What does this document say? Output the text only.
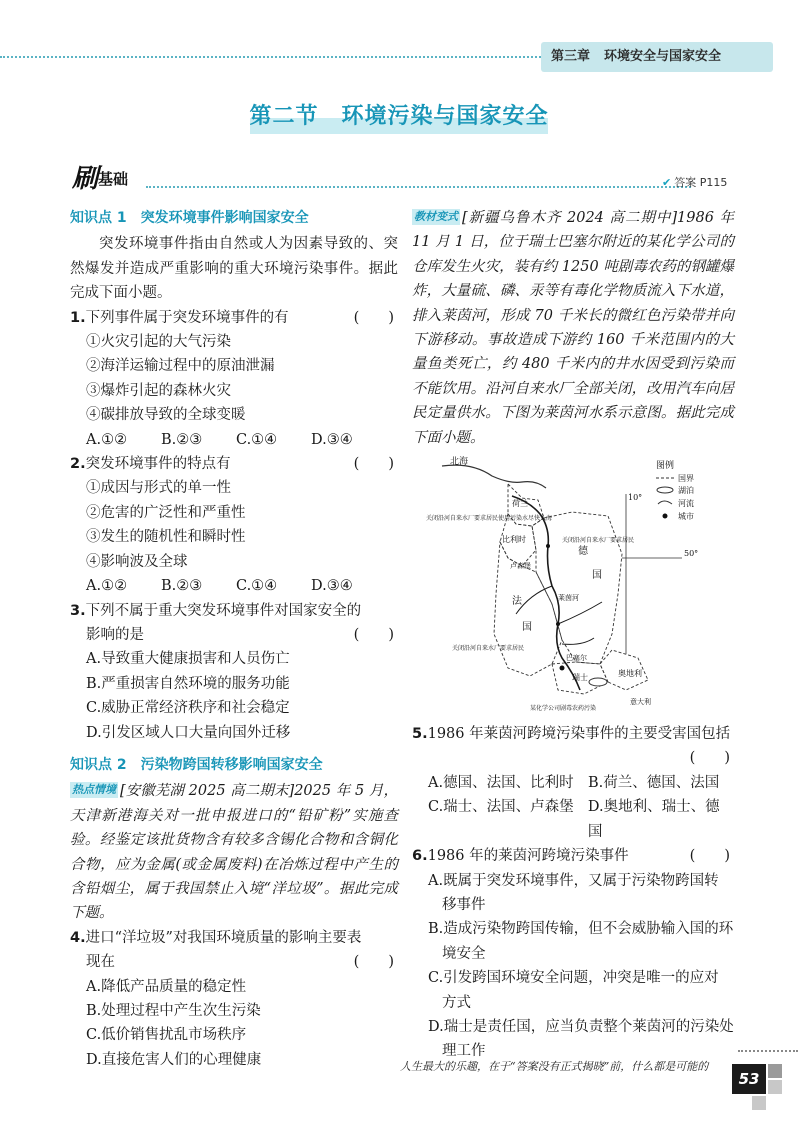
第三章 环境安全与国家安全
第二节　环境污染与国家安全
刷基础	✔ 答案 P115
知识点 1　突发环境事件影响国家安全
突发环境事件指由自然或人为因素导致的、突然爆发并造成严重影响的重大环境污染事件。据此完成下面小题。
1.下列事件属于突发环境事件的有	(　　)
①火灾引起的大气污染
②海洋运输过程中的原油泄漏
③爆炸引起的森林火灾
④碳排放导致的全球变暖
A.①②	B.②③	C.①④	D.③④
2.突发环境事件的特点有	(　　)
①成因与形式的单一性
②危害的广泛性和严重性
③发生的随机性和瞬时性
④影响波及全球
A.①②	B.②③	C.①④	D.③④
3.下列不属于重大突发环境事件对国家安全的
影响的是	(　　)
A.导致重大健康损害和人员伤亡
B.严重损害自然环境的服务功能
C.威胁正常经济秩序和社会稳定
D.引发区域人口大量向国外迁移
知识点 2　污染物跨国转移影响国家安全
热点情境 [安徽芜湖 2025 高二期末]2025 年 5 月，天津新港海关对一批申报进口的“铅矿粉”实施查验。经鉴定该批货物含有较多含锡化合物和含铜化合物，应为金属(或金属废料)在冶炼过程中产生的含铅烟尘，属于我国禁止入境“洋垃圾”。据此完成下题。
4.进口“洋垃圾”对我国环境质量的影响主要表
现在	(　　)
A.降低产品质量的稳定性
B.处理过程中产生次生污染
C.低价销售扰乱市场秩序
D.直接危害人们的心理健康
教材变式 [新疆乌鲁木齐 2024 高二期中]1986 年 11 月 1 日，位于瑞士巴塞尔附近的某化学公司的仓库发生火灾，装有约 1250 吨剧毒农药的钢罐爆炸，大量硫、磷、汞等有毒化学物质流入下水道，排入莱茵河，形成 70 千米长的微红色污染带并向下游移动。事故造成下游约 160 千米范围内的大量鱼类死亡，约 480 千米内的井水因受到污染而不能饮用。沿河自来水厂全部关闭，改用汽车向居民定量供水。下图为莱茵河水系示意图。据此完成下面小题。
图例
国界
湖泊
河流
城市
北海
荷兰
比利时
德
国
法
国
卢森堡
瑞士	奥地利
意大利
莱茵河
关闭沿河自来水厂要求居民使用污染水尽快入海
关闭沿河自来水厂要求居民
关闭沿河自来水厂要求居民
某化学公司剧毒农药污染
巴塞尔
50°
10°
5.1986 年莱茵河跨境污染事件的主要受害国包括
(　　)
A.德国、法国、比利时 B.荷兰、德国、法国
C.瑞士、法国、卢森堡 D.奥地利、瑞士、德国
6.1986 年的莱茵河跨境污染事件	(　　)
A.既属于突发环境事件，又属于污染物跨国转
移事件
B.造成污染物跨国传输，但不会威胁输入国的环
境安全
C.引发跨国环境安全问题，冲突是唯一的应对
方式
D.瑞士是责任国，应当负责整个莱茵河的污染处
理工作
人生最大的乐趣，在于“答案没有正式揭晓”前，什么都是可能的
53
